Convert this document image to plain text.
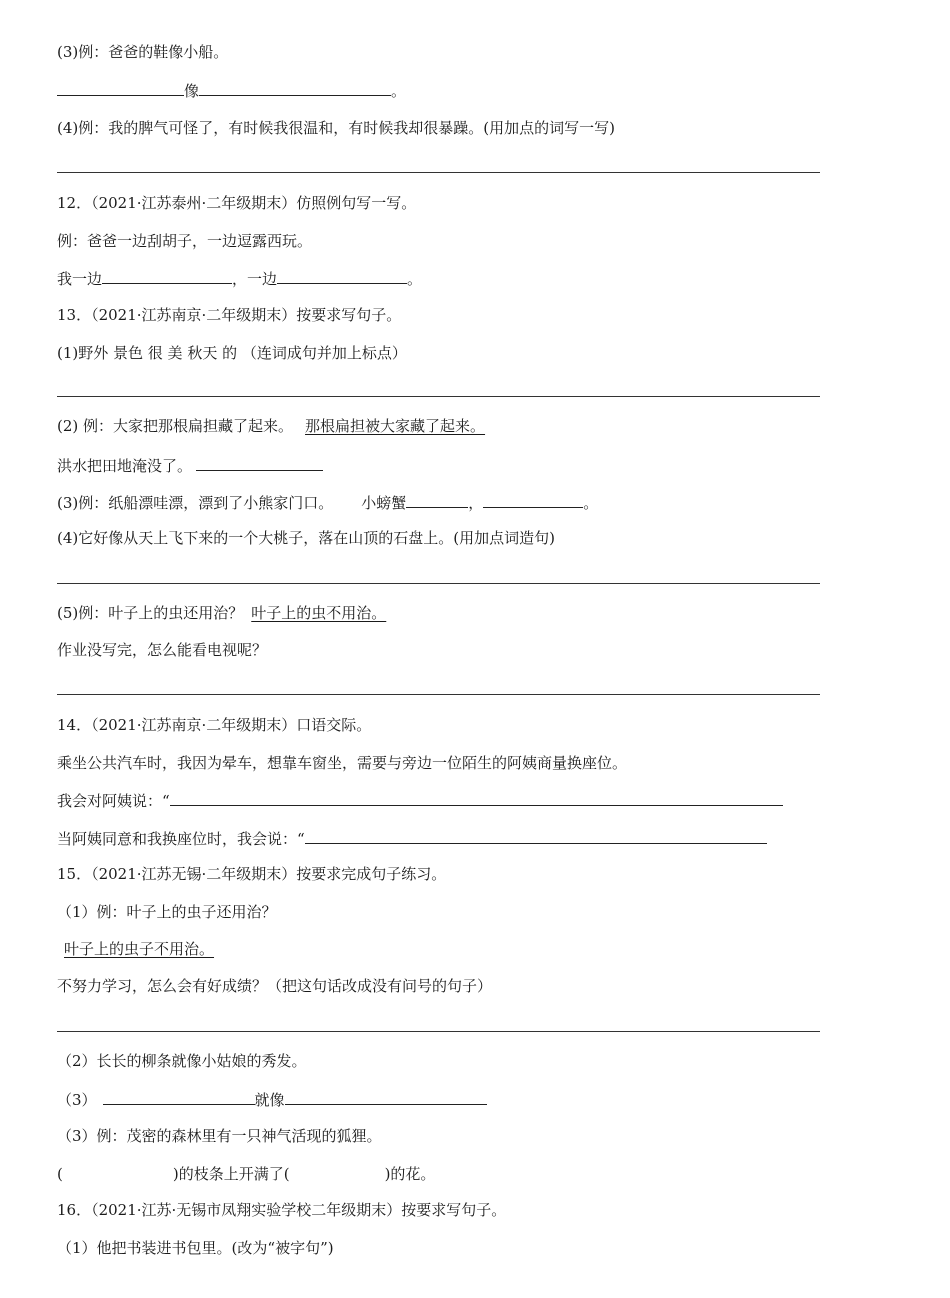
(3)例：爸爸的鞋像小船。
像	。
(4)例：我的脾气可怪了，有时候我很温和，有时候我却很暴躁。(用加点的词写一写)
12．（2021·江苏泰州·二年级期末）仿照例句写一写。
例：爸爸一边刮胡子，一边逗露西玩。
我一边	，一边	。
13．（2021·江苏南京·二年级期末）按要求写句子。
(1)野外 景色 很 美 秋天 的 （连词成句并加上标点）
(2) 例：大家把那根扁担藏了起来。 那根扁担被大家藏了起来。
洪水把田地淹没了。
(3)例：纸船漂哇漂，漂到了小熊家门口。 小螃蟹	，	。
(4)它好像从天上飞下来的一个大桃子，落在山顶的石盘上。(用加点词造句)
(5)例：叶子上的虫还用治？ 叶子上的虫不用治。
作业没写完，怎么能看电视呢？
14．（2021·江苏南京·二年级期末）口语交际。
乘坐公共汽车时，我因为晕车，想靠车窗坐，需要与旁边一位陌生的阿姨商量换座位。
我会对阿姨说：“
当阿姨同意和我换座位时，我会说：“
15．（2021·江苏无锡·二年级期末）按要求完成句子练习。
（1）例：叶子上的虫子还用治？
叶子上的虫子不用治。
不努力学习，怎么会有好成绩？（把这句话改成没有问号的句子）
（2）长长的柳条就像小姑娘的秀发。
（3）	就像
（3）例：茂密的森林里有一只神气活现的狐狸。
(	)的枝条上开满了(	)的花。
16．（2021·江苏·无锡市凤翔实验学校二年级期末）按要求写句子。
（1）他把书装进书包里。(改为“被字句”)
